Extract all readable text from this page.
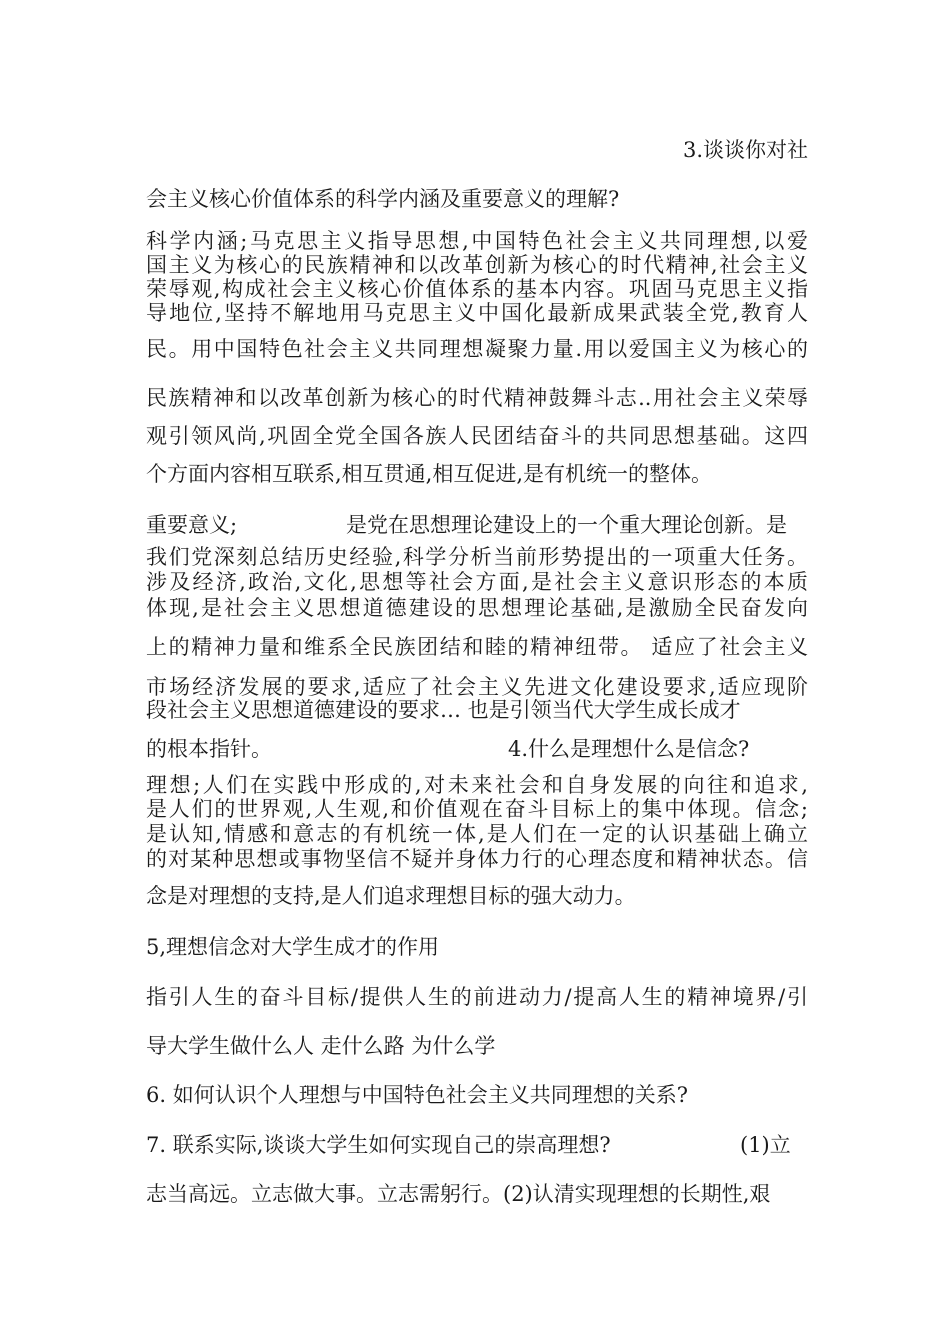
3.谈谈你对社
会主义核心价值体系的科学内涵及重要意义的理解?
科学内涵;马克思主义指导思想,中国特色社会主义共同理想,以爱
国主义为核心的民族精神和以改革创新为核心的时代精神,社会主义
荣辱观,构成社会主义核心价值体系的基本内容。巩固马克思主义指
导地位,坚持不解地用马克思主义中国化最新成果武装全党,教育人
民。用中国特色社会主义共同理想凝聚力量.用以爱国主义为核心的
民族精神和以改革创新为核心的时代精神鼓舞斗志..用社会主义荣辱
观引领风尚,巩固全党全国各族人民团结奋斗的共同思想基础。这四
个方面内容相互联系,相互贯通,相互促进,是有机统一的整体。
重要意义;	是党在思想理论建设上的一个重大理论创新。是
我们党深刻总结历史经验,科学分析当前形势提出的一项重大任务。
涉及经济,政治,文化,思想等社会方面,是社会主义意识形态的本质
体现,是社会主义思想道德建设的思想理论基础,是激励全民奋发向
上的精神力量和维系全民族团结和睦的精神纽带。 适应了社会主义
市场经济发展的要求,适应了社会主义先进文化建设要求,适应现阶
段社会主义思想道德建设的要求… 也是引领当代大学生成长成才
的根本指针。	4.什么是理想什么是信念?
理想;人们在实践中形成的,对未来社会和自身发展的向往和追求,
是人们的世界观,人生观,和价值观在奋斗目标上的集中体现。信念;
是认知,情感和意志的有机统一体,是人们在一定的认识基础上确立
的对某种思想或事物坚信不疑并身体力行的心理态度和精神状态。信
念是对理想的支持,是人们追求理想目标的强大动力。
5,理想信念对大学生成才的作用
指引人生的奋斗目标/提供人生的前进动力/提高人生的精神境界/引
导大学生做什么人 走什么路 为什么学
6. 如何认识个人理想与中国特色社会主义共同理想的关系?
7. 联系实际,谈谈大学生如何实现自己的崇高理想?	(1)立
志当高远。立志做大事。立志需躬行。(2)认清实现理想的长期性,艰
